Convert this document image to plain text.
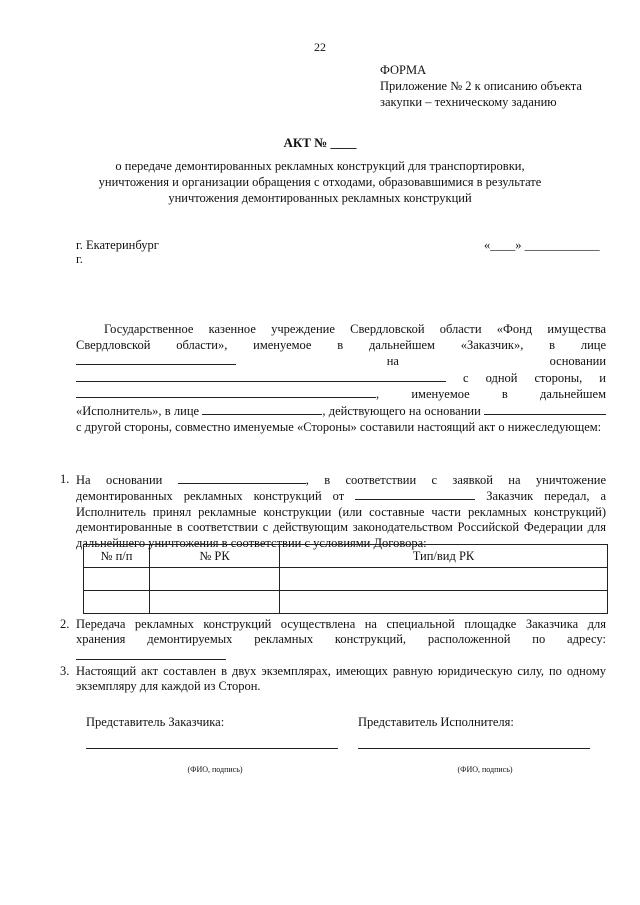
22
ФОРМА
Приложение № 2 к описанию объекта
закупки – техническому заданию
АКТ № ____
о передаче демонтированных рекламных конструкций для транспортировки, уничтожения и организации обращения с отходами, образовавшимися в результате уничтожения демонтированных рекламных конструкций
г. Екатеринбург
г.
«____» ____________
Государственное казенное учреждение Свердловской области «Фонд имущества Свердловской области», именуемое в дальнейшем «Заказчик», в лице  на основании  с одной стороны, и , именуемое в дальнейшем «Исполнитель», в лице	, действующего на основании  с другой стороны, совместно именуемые «Стороны» составили настоящий акт о нижеследующем:
1. На основании	, в соответствии с заявкой на уничтожение демонтированных рекламных конструкций от	Заказчик передал, а Исполнитель принял рекламные конструкции (или составные части рекламных конструкций) демонтированные в соответствии с действующим законодательством Российской Федерации для дальнейшего уничтожения в соответствии с условиями Договора:
№ п/п	№ РК	Тип/вид РК

2. Передача рекламных конструкций осуществлена на специальной площадке Заказчика для хранения демонтируемых рекламных конструкций, расположенной по адресу:
3. Настоящий акт составлен в двух экземплярах, имеющих равную юридическую силу, по одному экземпляру для каждой из Сторон.
Представитель Заказчика:	Представитель Исполнителя:
(ФИО, подпись)	(ФИО, подпись)
